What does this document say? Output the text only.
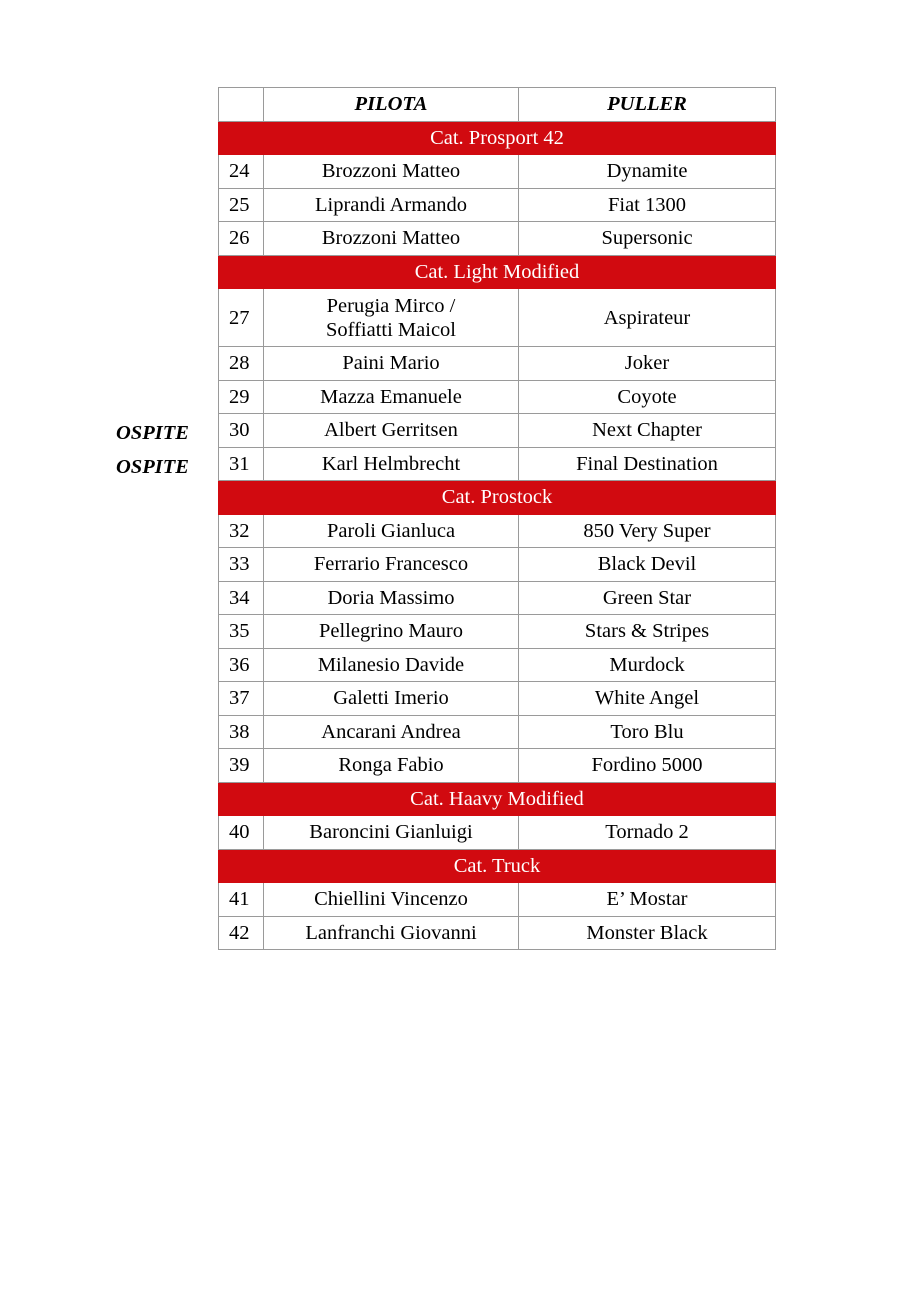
OSPITE
OSPITE
	PILOTA	PULLER
Cat. Prosport 42		
24	Brozzoni Matteo	Dynamite
25	Liprandi Armando	Fiat 1300
26	Brozzoni Matteo	Supersonic
Cat. Light Modified		
27	Perugia Mirco /
Soffiatti Maicol	Aspirateur
28	Paini Mario	Joker
29	Mazza Emanuele	Coyote
30	Albert Gerritsen	Next Chapter
31	Karl Helmbrecht	Final Destination
Cat. Prostock		
32	Paroli Gianluca	850 Very Super
33	Ferrario Francesco	Black Devil
34	Doria Massimo	Green Star
35	Pellegrino Mauro	Stars & Stripes
36	Milanesio Davide	Murdock
37	Galetti Imerio	White Angel
38	Ancarani Andrea	Toro Blu
39	Ronga Fabio	Fordino 5000
Cat. Haavy Modified		
40	Baroncini Gianluigi	Tornado 2
Cat. Truck		
41	Chiellini Vincenzo	E’ Mostar
42	Lanfranchi Giovanni	Monster Black
